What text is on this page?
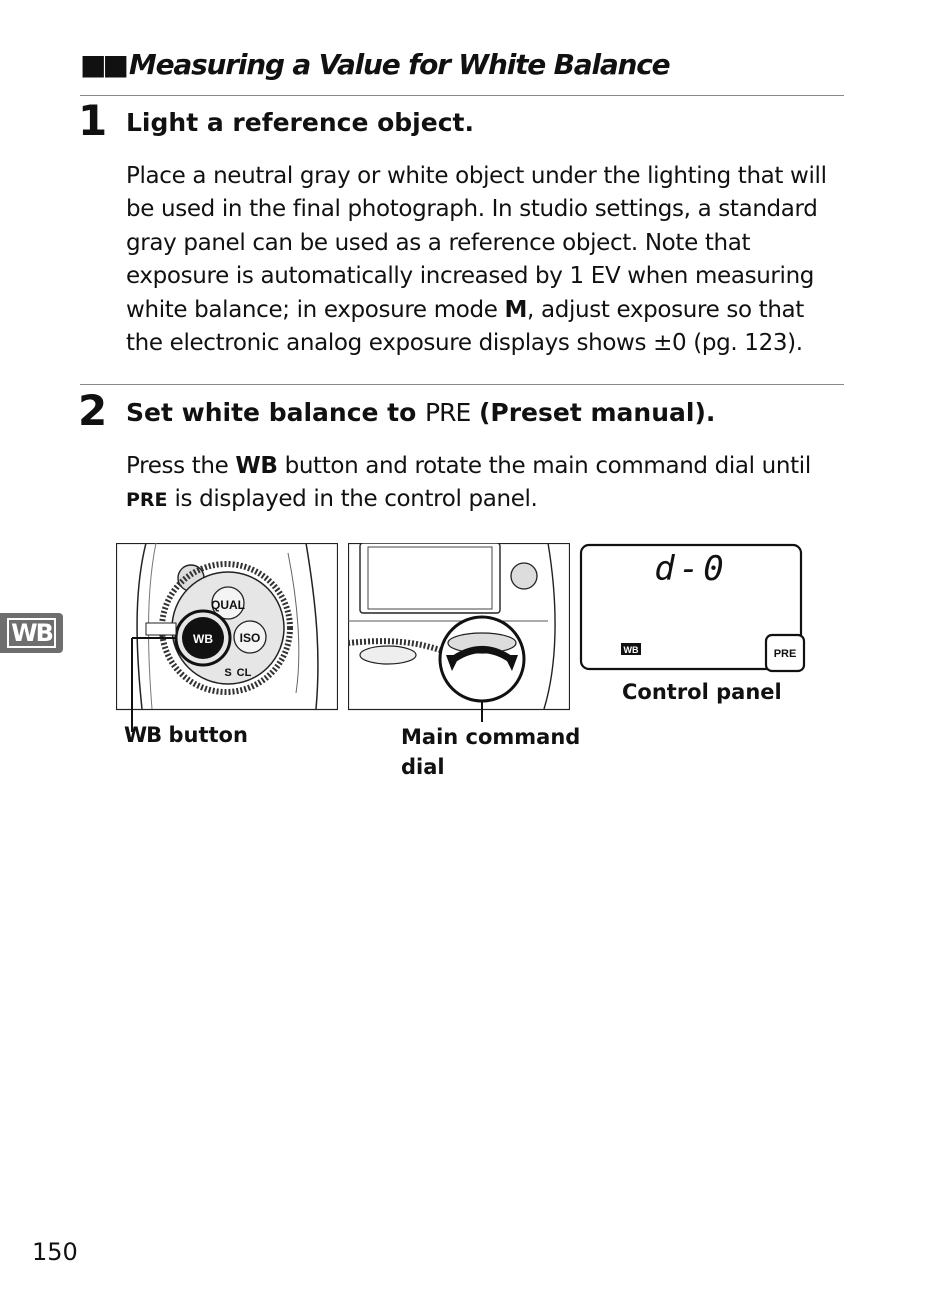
■■ Measuring a Value for White Balance
1 Light a reference object.
Place a neutral gray or white object under the lighting that will be used in the final photograph. In studio settings, a standard gray panel can be used as a reference object. Note that exposure is automatically increased by 1 EV when measuring white balance; in exposure mode M, adjust exposure so that the electronic analog exposure displays shows ±0 (pg. 123).
2 Set white balance to PRE (Preset manual).
Press the WB button and rotate the main command dial until
PRE is displayed in the control panel.
QUAL
ISO
WB
S CL
d-0
WB	PRE
WB button	Main command
dial
Control panel
WB
150
